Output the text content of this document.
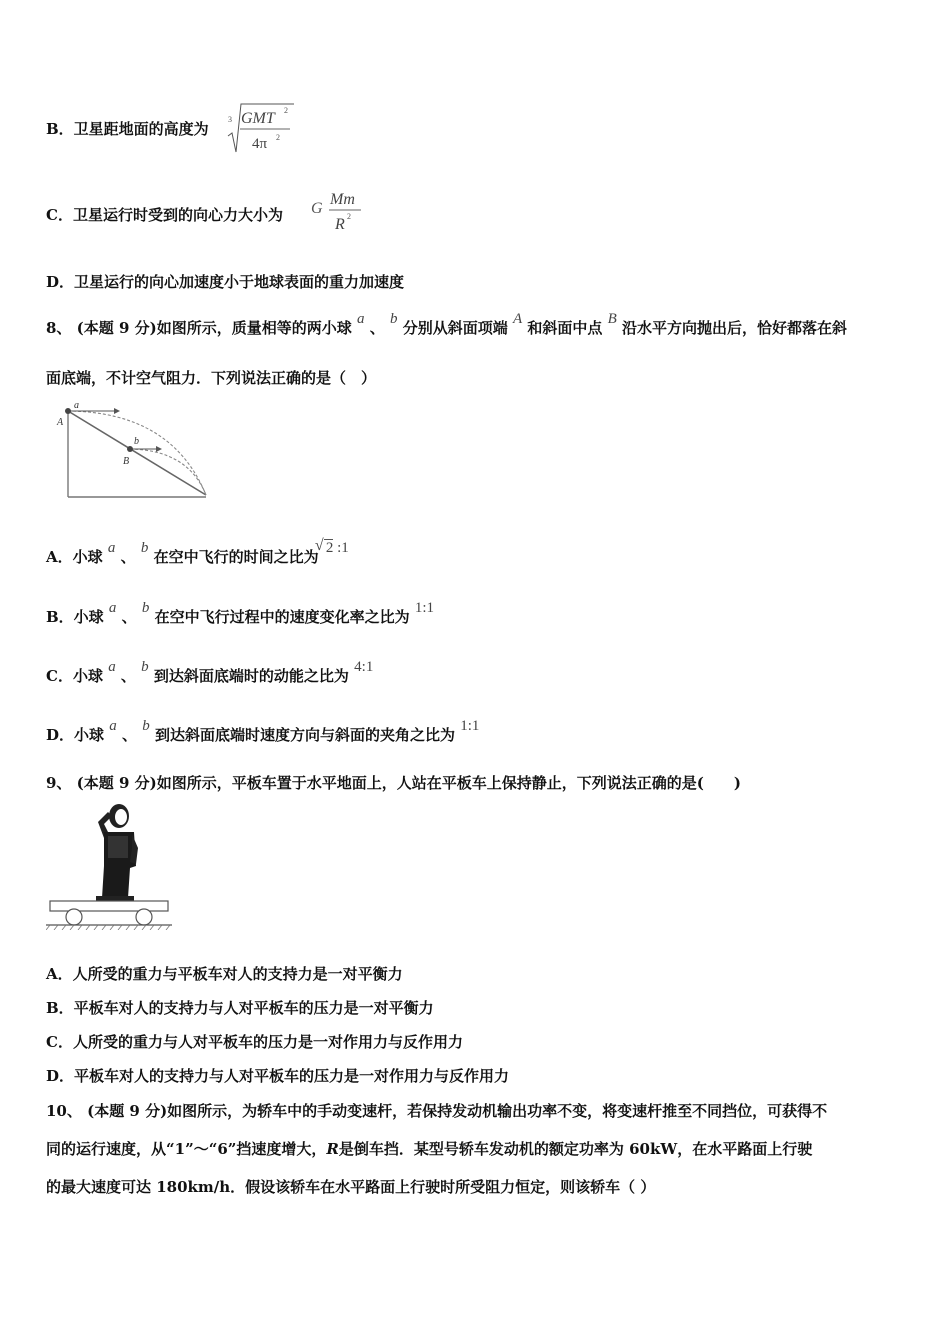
B．卫星距地面的高度为
3 GMT 2
4π 2
C．卫星运行时受到的向心力大小为 G
Mm
R 2
D．卫星运行的向心加速度小于地球表面的重力加速度
8、 (本题 9 分)如图所示，质量相等的两小球 a 、 b 分别从斜面项端 A 和斜面中点 B 沿水平方向抛出后，恰好都落在斜
面底端，不计空气阻力．下列说法正确的是（　）
a
A
b
B
A．小球 a 、 b 在空中飞行的时间之比为
√ 2 :1
B．小球 a 、 b 在空中飞行过程中的速度变化率之比为 1:1
C．小球 a 、 b 到达斜面底端时的动能之比为 4:1
D．小球 a 、 b 到达斜面底端时速度方向与斜面的夹角之比为 1:1
9、 (本题 9 分)如图所示，平板车置于水平地面上，人站在平板车上保持静止，下列说法正确的是(　　)
A．人所受的重力与平板车对人的支持力是一对平衡力
B．平板车对人的支持力与人对平板车的压力是一对平衡力
C．人所受的重力与人对平板车的压力是一对作用力与反作用力
D．平板车对人的支持力与人对平板车的压力是一对作用力与反作用力
10、 (本题 9 分)如图所示，为轿车中的手动变速杆，若保持发动机输出功率不变，将变速杆推至不同挡位，可获得不
同的运行速度，从“1”～“6”挡速度增大，R是倒车挡．某型号轿车发动机的额定功率为 60kW，在水平路面上行驶
的最大速度可达 180km/h．假设该轿车在水平路面上行驶时所受阻力恒定，则该轿车（ ）
